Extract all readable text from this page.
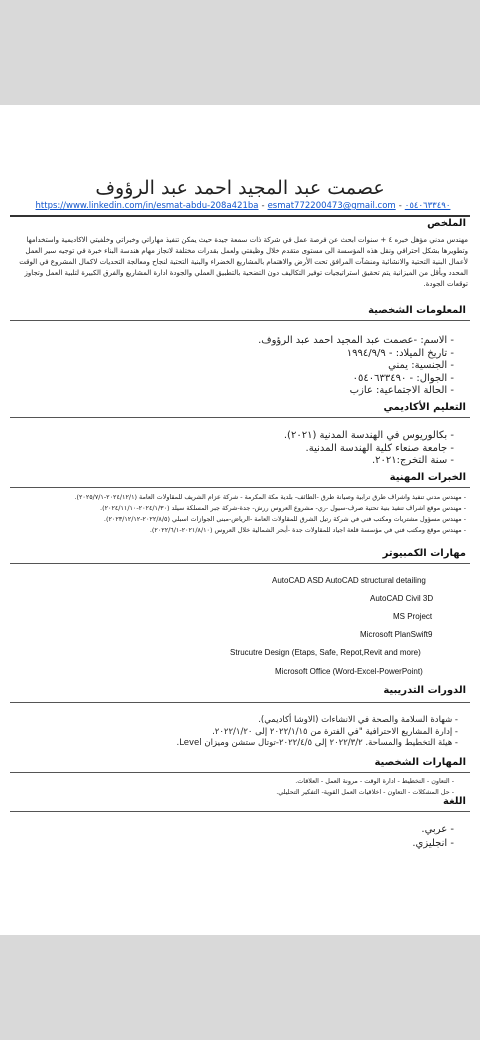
عصمت عبد المجيد احمد عبد الرؤوف
https://www.linkedin.com/in/esmat-abdu-208a421ba - esmat772200473@gmail.com - ٠٥٤٠٦٣٣٤٩٠
الملخص
مهندس مدني مؤهل خبره ٤ + سنوات ابحث عن فرصة عمل في شركة ذات سمعة جيدة حيث يمكن تنفيذ مهاراتي وخبراتي وخلفيتي الاكاديمية واستخدامها وتطويرها بشكل احترافي ونقل هذه المؤسسة الى مستوى متقدم خلال وظيفتي ولعمل بقدرات مختلفة لانجاز مهام هندسة البناء خبرة في توجيه سير العمل لأعمال البنية التحتية والانشائية ومنشآت المرافق تحت الأرض والاهتمام بالمشاريع الخضراء والبنية التحتية لنجاح ومعالجة التحديات لاكمال المشروع في الوقت المحدد وبأقل من الميزانية يتم تحقيق استراتيجيات توفير التكاليف دون التضحية بالتطبيق العملي والجودة ادارة المشاريع والفرق الكبيرة لتلبية العمل وتجاوز توقعات الجودة.
المعلومات الشخصية
- الاسم: -عصمت عبد المجيد احمد عبد الرؤوف.
- تاريخ الميلاد: - ١٩٩٤/٩/٩
- الجنسية: يمني
- الجوال: - ٠٥٤٠٦٣٣٤٩٠
- الحالة الاجتماعية: عازب
التعليم الأكاديمي
- بكالوريوس في الهندسة المدنية (٢٠٢١).
- جامعة صنعاء كلية الهندسة المدنية.
- سنة التخرج:٢٠٢١.
الخبرات المهنية
- مهندس مدني تنفيذ واشراف طرق ترابية وصيانة طرق -الطائف- بلدية مكة المكرمة - شركة عزام الشريف للمقاولات العامة (٢٠٢٤/١٢/١-٢٠٢٥/٧/١).
- مهندس موقع اشراف تنفيذ بنية تحتية صرف-سيول -ري- مشروع العروس ررش- جدة-شركة جبر المسلكة سيلد (٢٠٢٤/١/٣٠-٢٠٢٤/١١/١٠).
- مهندس مسؤول مشتريات ومكتب فني في شركة رتيل الشرق للمقاولات العامة -الرياض-مبنى الجوازات اسبلي (٢٠٢٢/٨/٥-٢٠٢٣/١٢/١٢).
- مهندس موقع ومكتب فني في مؤسسة قلعة اجياد للمقاولات جدة -أبحر الشمالية خلال العروس (٢٠٢١/٨/١٠-٢٠٢٢/٦/١).
مهارات الكمبيوتر
AutoCAD ASD AutoCAD structural detailing
AutoCAD Civil 3D
MS Project
Microsoft PlanSwift9
Strucutre Design (Etaps, Safe, Repot,Revit and more)
Microsoft Office (Word-Excel-PowerPoint)
الدورات التدريبية
- شهادة السلامة والصحة في الانشاءات (الاوشا أكاديمي).
- إدارة المشاريع الاحترافية "في الفترة من ٢٠٢٢/١/١٥ إلى ٢٠٢٢/١/٢٠.
- هيئة التخطيط والمساحة. ٢٠٢٢/٣/٢ إلى ٢٠٢٢/٤/٥-توتال ستشن وميزان Level.
المهارات الشخصية
- التعاون - التخطيط - ادارة الوقت - مرونة العمل - العلاقات.
- حل المشكلات - التعاون - اخلاقيات العمل القوية- التفكير التحليلي.
اللغة
- عربي.
- انجليزي.
